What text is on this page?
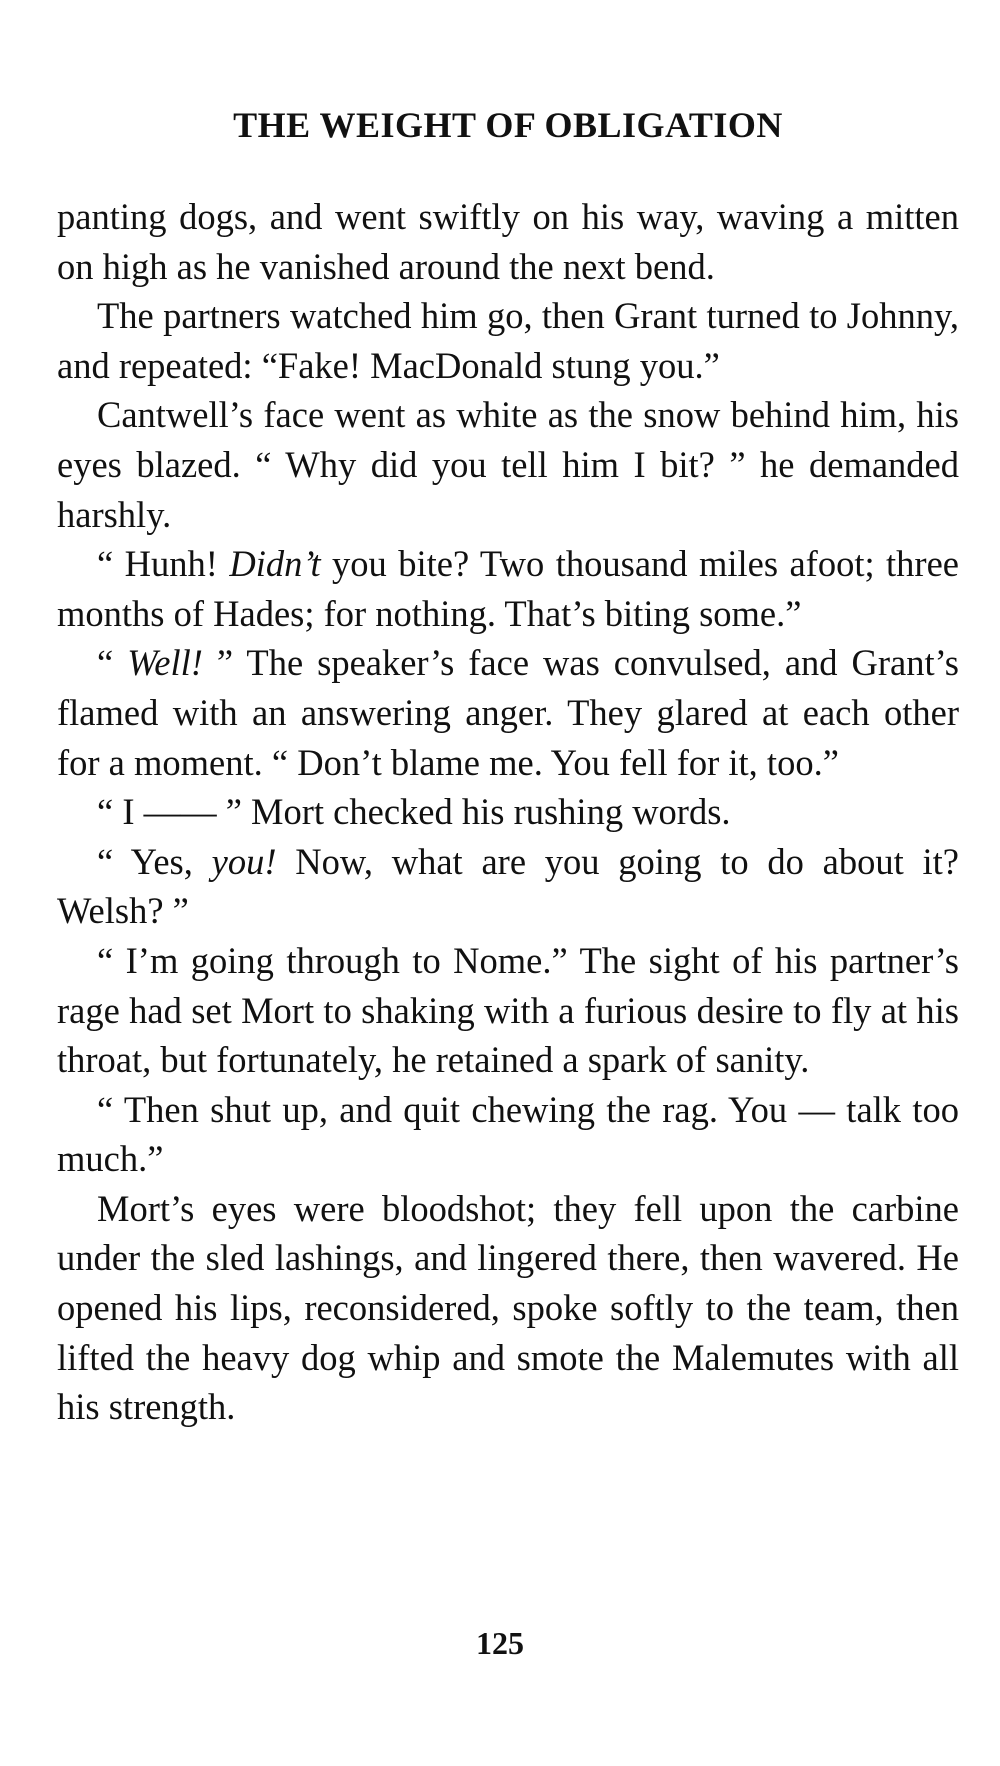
THE WEIGHT OF OBLIGATION

panting dogs, and went swiftly on his way, waving a mitten on high as he vanished around the next bend.

The partners watched him go, then Grant turned to Johnny, and repeated: “Fake! MacDonald stung you.”

Cantwell’s face went as white as the snow behind him, his eyes blazed. “ Why did you tell him I bit? ” he demanded harshly.

“ Hunh! Didn’t you bite? Two thousand miles afoot; three months of Hades; for nothing. That’s biting some.”

“ Well! ” The speaker’s face was convulsed, and Grant’s flamed with an answering anger. They glared at each other for a moment. “ Don’t blame me. You fell for it, too.”

“ I —— ” Mort checked his rushing words.

“ Yes, you! Now, what are you going to do about it? Welsh? ”

“ I’m going through to Nome.” The sight of his partner’s rage had set Mort to shaking with a furious desire to fly at his throat, but fortunately, he retained a spark of sanity.

“ Then shut up, and quit chewing the rag. You — talk too much.”

Mort’s eyes were bloodshot; they fell upon the carbine under the sled lashings, and lingered there, then wavered. He opened his lips, reconsidered, spoke softly to the team, then lifted the heavy dog whip and smote the Malemutes with all his strength.

125
